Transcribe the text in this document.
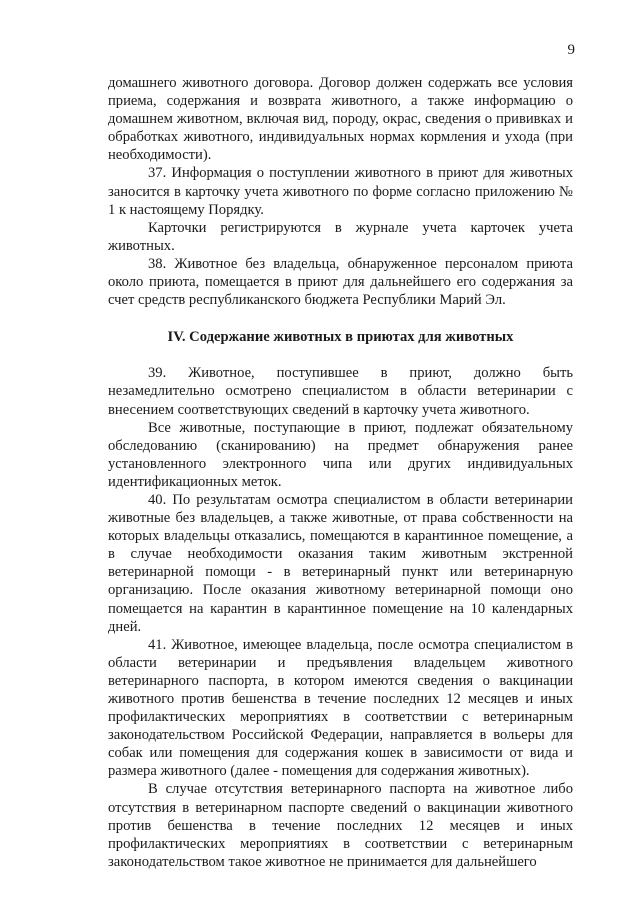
9

домашнего животного договора. Договор должен содержать все условия приема, содержания и возврата животного, а также информацию о домашнем животном, включая вид, породу, окрас, сведения о прививках и обработках животного, индивидуальных нормах кормления и ухода (при необходимости).

37. Информация о поступлении животного в приют для животных заносится в карточку учета животного по форме согласно приложению № 1 к настоящему Порядку.

Карточки регистрируются в журнале учета карточек учета животных.

38. Животное без владельца, обнаруженное персоналом приюта около приюта, помещается в приют для дальнейшего его содержания за счет средств республиканского бюджета Республики Марий Эл.

IV. Содержание животных в приютах для животных

39. Животное, поступившее в приют, должно быть незамедлительно осмотрено специалистом в области ветеринарии с внесением соответствующих сведений в карточку учета животного.

Все животные, поступающие в приют, подлежат обязательному обследованию (сканированию) на предмет обнаружения ранее установленного электронного чипа или других индивидуальных идентификационных меток.

40. По результатам осмотра специалистом в области ветеринарии животные без владельцев, а также животные, от права собственности на которых владельцы отказались, помещаются в карантинное помещение, а в случае необходимости оказания таким животным экстренной ветеринарной помощи - в ветеринарный пункт или ветеринарную организацию. После оказания животному ветеринарной помощи оно помещается на карантин в карантинное помещение на 10 календарных дней.

41. Животное, имеющее владельца, после осмотра специалистом в области ветеринарии и предъявления владельцем животного ветеринарного паспорта, в котором имеются сведения о вакцинации животного против бешенства в течение последних 12 месяцев и иных профилактических мероприятиях в соответствии с ветеринарным законодательством Российской Федерации, направляется в вольеры для собак или помещения для содержания кошек в зависимости от вида и размера животного (далее - помещения для содержания животных).

В случае отсутствия ветеринарного паспорта на животное либо отсутствия в ветеринарном паспорте сведений о вакцинации животного против бешенства в течение последних 12 месяцев и иных профилактических мероприятиях в соответствии с ветеринарным законодательством такое животное не принимается для дальнейшего
